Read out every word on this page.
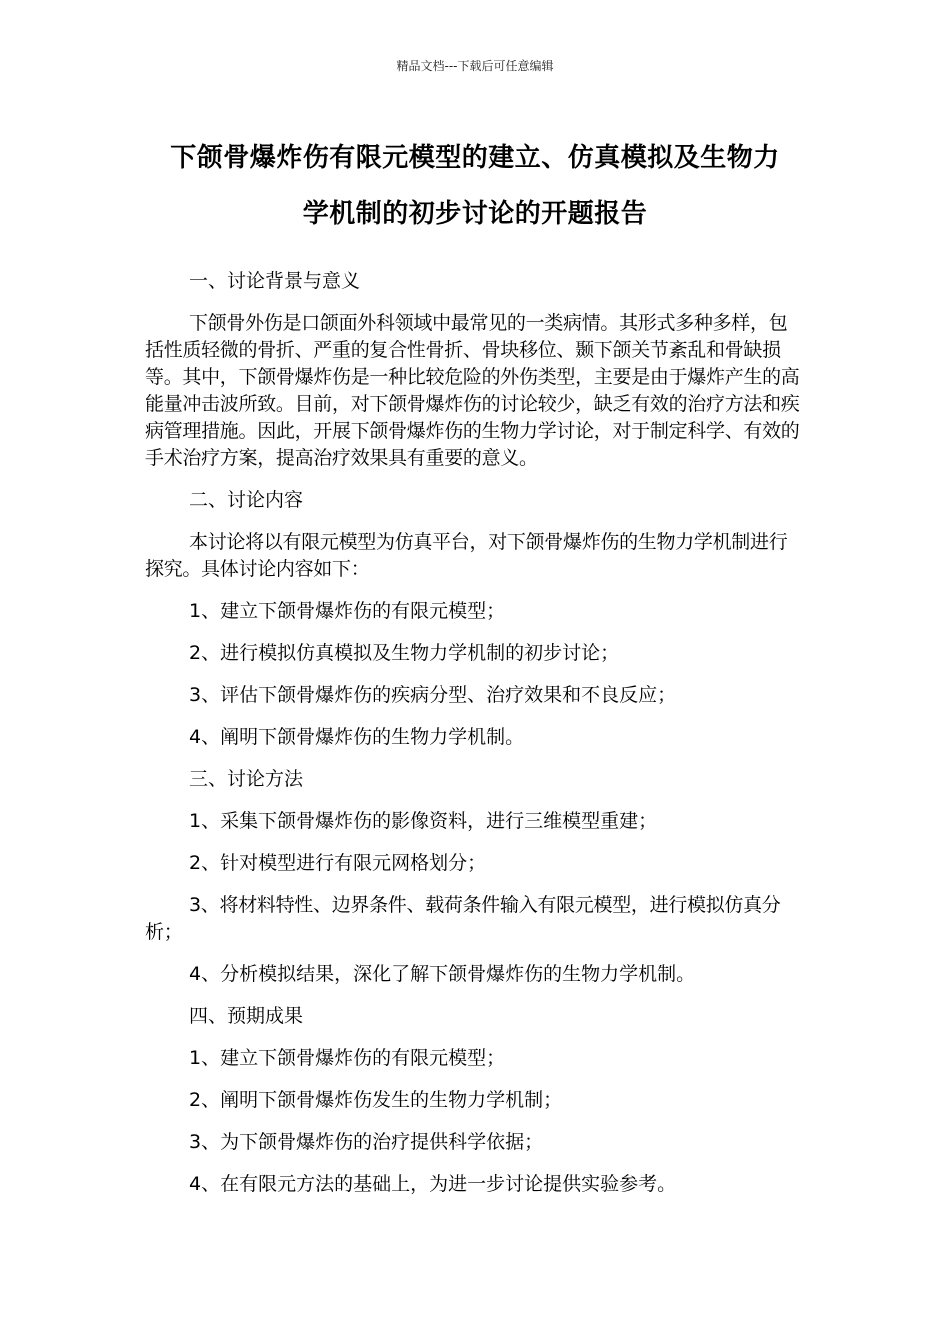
精品文档---下载后可任意编辑
下颌骨爆炸伤有限元模型的建立、仿真模拟及生物力
学机制的初步讨论的开题报告

一、讨论背景与意义

下颌骨外伤是口颌面外科领域中最常见的一类病情。其形式多种多样，包括性质轻微的骨折、严重的复合性骨折、骨块移位、颞下颌关节紊乱和骨缺损等。其中，下颌骨爆炸伤是一种比较危险的外伤类型，主要是由于爆炸产生的高能量冲击波所致。目前，对下颌骨爆炸伤的讨论较少，缺乏有效的治疗方法和疾病管理措施。因此，开展下颌骨爆炸伤的生物力学讨论，对于制定科学、有效的手术治疗方案，提高治疗效果具有重要的意义。

二、讨论内容

本讨论将以有限元模型为仿真平台，对下颌骨爆炸伤的生物力学机制进行探究。具体讨论内容如下：

1、建立下颌骨爆炸伤的有限元模型；

2、进行模拟仿真模拟及生物力学机制的初步讨论；

3、评估下颌骨爆炸伤的疾病分型、治疗效果和不良反应；

4、阐明下颌骨爆炸伤的生物力学机制。

三、讨论方法

1、采集下颌骨爆炸伤的影像资料，进行三维模型重建；

2、针对模型进行有限元网格划分；

3、将材料特性、边界条件、载荷条件输入有限元模型，进行模拟仿真分析；

4、分析模拟结果，深化了解下颌骨爆炸伤的生物力学机制。

四、预期成果

1、建立下颌骨爆炸伤的有限元模型；

2、阐明下颌骨爆炸伤发生的生物力学机制；

3、为下颌骨爆炸伤的治疗提供科学依据；

4、在有限元方法的基础上，为进一步讨论提供实验参考。
